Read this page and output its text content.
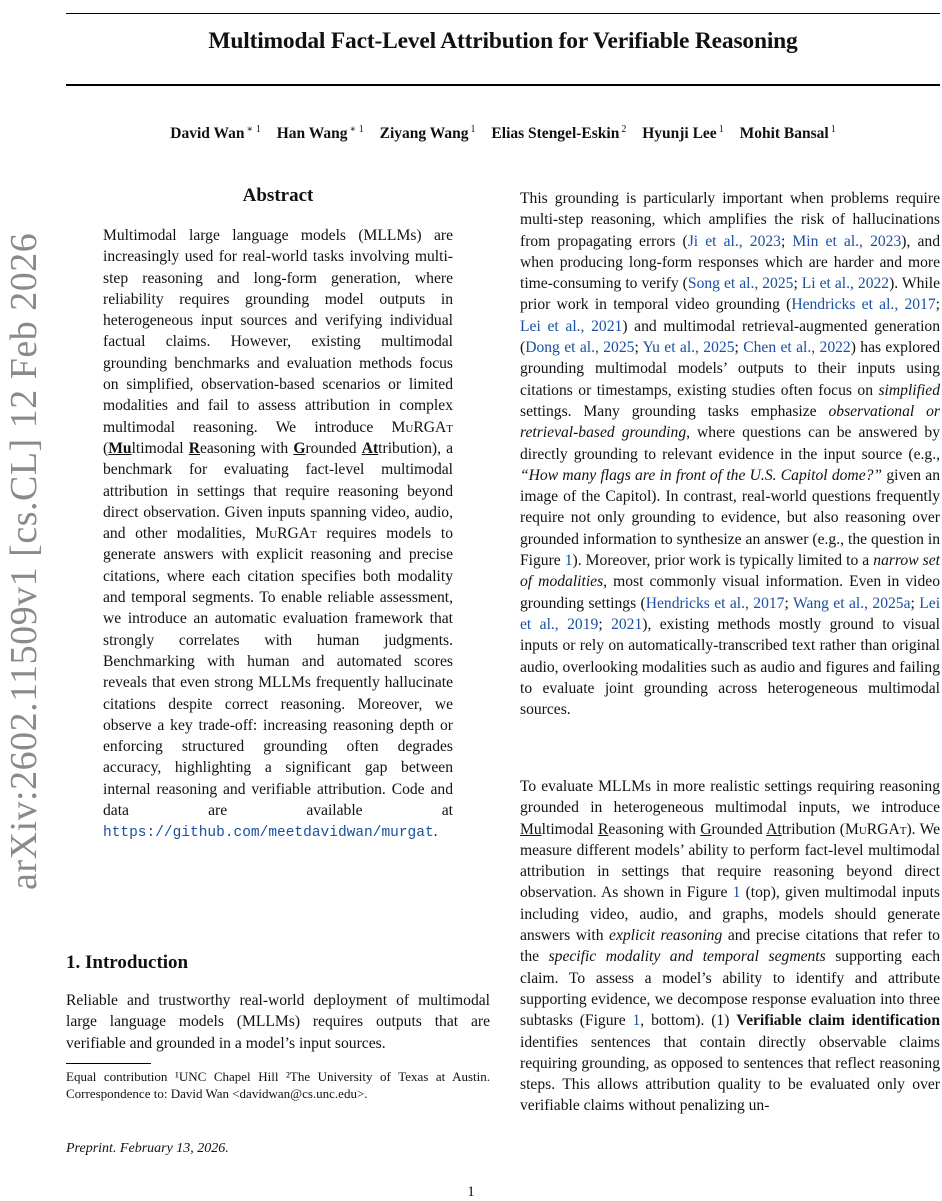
Multimodal Fact-Level Attribution for Verifiable Reasoning
David Wan $^{∗ 1}$ Han Wang $^{∗ 1}$ Ziyang Wang $^1$ Elias Stengel-Eskin $^2$ Hyunji Lee $^1$ Mohit Bansal $^1$
arXiv:2602.11509v1 [cs.CL] 12 Feb 2026
Abstract

Multimodal large language models (MLLMs) are increasingly used for real-world tasks involving multi-step reasoning and long-form generation, where reliability requires grounding model outputs in heterogeneous input sources and verifying individual factual claims. However, existing multimodal grounding benchmarks and evaluation methods focus on simplified, observation-based scenarios or limited modalities and fail to assess attribution in complex multimodal reasoning. We introduce MuRGAt (Multimodal Reasoning with Grounded Attribution), a benchmark for evaluating fact-level multimodal attribution in settings that require reasoning beyond direct observation. Given inputs spanning video, audio, and other modalities, MuRGAt requires models to generate answers with explicit reasoning and precise citations, where each citation specifies both modality and temporal segments. To enable reliable assessment, we introduce an automatic evaluation framework that strongly correlates with human judgments. Benchmarking with human and automated scores reveals that even strong MLLMs frequently hallucinate citations despite correct reasoning. Moreover, we observe a key trade-off: increasing reasoning depth or enforcing structured grounding often degrades accuracy, highlighting a significant gap between internal reasoning and verifiable attribution. Code and data are available at https://github.com/meetdavidwan/murgat.

1. Introduction

Reliable and trustworthy real-world deployment of multimodal large language models (MLLMs) requires outputs that are verifiable and grounded in a model’s input sources.

Equal contribution ¹UNC Chapel Hill ²The University of Texas at Austin. Correspondence to: David Wan <davidwan@cs.unc.edu>.
Preprint. February 13, 2026.

This grounding is particularly important when problems require multi-step reasoning, which amplifies the risk of hallucinations from propagating errors (Ji et al., 2023; Min et al., 2023), and when producing long-form responses which are harder and more time-consuming to verify (Song et al., 2025; Li et al., 2022). While prior work in temporal video grounding (Hendricks et al., 2017; Lei et al., 2021) and multimodal retrieval-augmented generation (Dong et al., 2025; Yu et al., 2025; Chen et al., 2022) has explored grounding multimodal models’ outputs to their inputs using citations or timestamps, existing studies often focus on simplified settings. Many grounding tasks emphasize observational or retrieval-based grounding, where questions can be answered by directly grounding to relevant evidence in the input source (e.g., “How many flags are in front of the U.S. Capitol dome?” given an image of the Capitol). In contrast, real-world questions frequently require not only grounding to evidence, but also reasoning over grounded information to synthesize an answer (e.g., the question in Figure 1). Moreover, prior work is typically limited to a narrow set of modalities, most commonly visual information. Even in video grounding settings (Hendricks et al., 2017; Wang et al., 2025a; Lei et al., 2019; 2021), existing methods mostly ground to visual inputs or rely on automatically-transcribed text rather than original audio, overlooking modalities such as audio and figures and failing to evaluate joint grounding across heterogeneous multimodal sources.

To evaluate MLLMs in more realistic settings requiring reasoning grounded in heterogeneous multimodal inputs, we introduce Multimodal Reasoning with Grounded Attribution (MuRGAt). We measure different models’ ability to perform fact-level multimodal attribution in settings that require reasoning beyond direct observation. As shown in Figure 1 (top), given multimodal inputs including video, audio, and graphs, models should generate answers with explicit reasoning and precise citations that refer to the specific modality and temporal segments supporting each claim. To assess a model’s ability to identify and attribute supporting evidence, we decompose response evaluation into three subtasks (Figure 1, bottom). (1) Verifiable claim identification identifies sentences that contain directly observable claims requiring grounding, as opposed to sentences that reflect reasoning steps. This allows attribution quality to be evaluated only over verifiable claims without penalizing un-

1
